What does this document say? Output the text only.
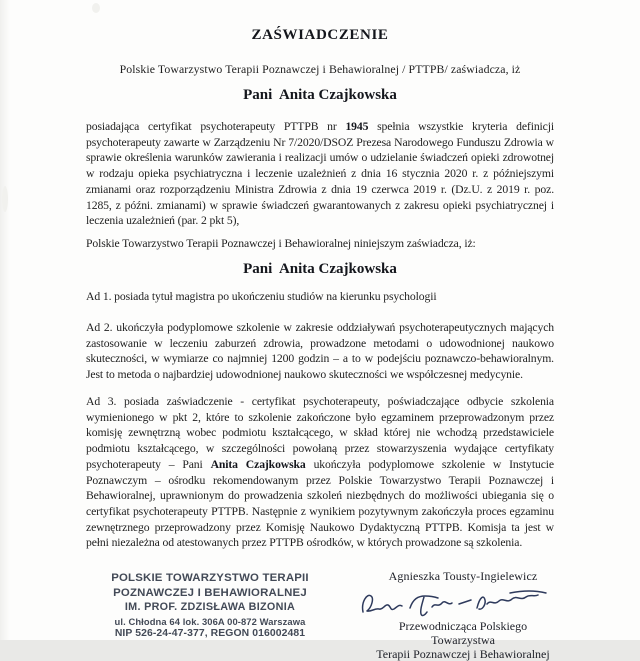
ZAŚWIADCZENIE
Polskie Towarzystwo Terapii Poznawczej i Behawioralnej / PTTPB/ zaświadcza, iż
Pani  Anita Czajkowska
posiadająca certyfikat psychoterapeuty PTTPB nr 1945 spełnia wszystkie kryteria definicji psychoterapeuty zawarte w Zarządzeniu Nr 7/2020/DSOZ Prezesa Narodowego Funduszu Zdrowia w sprawie określenia warunków zawierania i realizacji umów o udzielanie świadczeń opieki zdrowotnej w rodzaju opieka psychiatryczna i leczenie uzależnień z dnia 16 stycznia 2020 r. z późniejszymi zmianami oraz rozporządzeniu Ministra Zdrowia z dnia 19 czerwca 2019 r. (Dz.U. z 2019 r. poz. 1285, z późni. zmianami) w sprawie świadczeń gwarantowanych z zakresu opieki psychiatrycznej i leczenia uzależnień (par. 2 pkt 5),
Polskie Towarzystwo Terapii Poznawczej i Behawioralnej niniejszym zaświadcza, iż:
Pani  Anita Czajkowska
Ad 1. posiada tytuł magistra po ukończeniu studiów na kierunku psychologii
Ad 2. ukończyła podyplomowe szkolenie w zakresie oddziaływań psychoterapeutycznych mających zastosowanie w leczeniu zaburzeń zdrowia, prowadzone metodami o udowodnionej naukowo skuteczności, w wymiarze co najmniej 1200 godzin – a to w podejściu poznawczo-behawioralnym. Jest to metoda o najbardziej udowodnionej naukowo skuteczności we współczesnej medycynie.
Ad 3. posiada zaświadczenie - certyfikat psychoterapeuty, poświadczające odbycie szkolenia wymienionego w pkt 2, które to szkolenie zakończone było egzaminem przeprowadzonym przez komisję zewnętrzną wobec podmiotu kształcącego, w skład której nie wchodzą przedstawiciele podmiotu kształcącego, w szczególności powołaną przez stowarzyszenia wydające certyfikaty psychoterapeuty – Pani Anita Czajkowska ukończyła podyplomowe szkolenie w Instytucie Poznawczym – ośrodku rekomendowanym przez Polskie Towarzystwo Terapii Poznawczej i Behawioralnej, uprawnionym do prowadzenia szkoleń niezbędnych do możliwości ubiegania się o certyfikat psychoterapeuty PTTPB. Następnie z wynikiem pozytywnym zakończyła proces egzaminu zewnętrznego przeprowadzony przez Komisję Naukowo Dydaktyczną PTTPB. Komisja ta jest w pełni niezależna od atestowanych przez PTTPB ośrodków, w których prowadzone są szkolenia.
POLSKIE TOWARZYSTWO TERAPII
POZNAWCZEJ I BEHAWIORALNEJ
IM. PROF. ZDZISŁAWA BIZONIA
ul. Chłodna 64 lok. 306A 00-872 Warszawa
NIP 526-24-47-377, REGON 016002481
Agnieszka Tousty-Ingielewicz
Przewodnicząca Polskiego Towarzystwa
Terapii Poznawczej i Behawioralnej
